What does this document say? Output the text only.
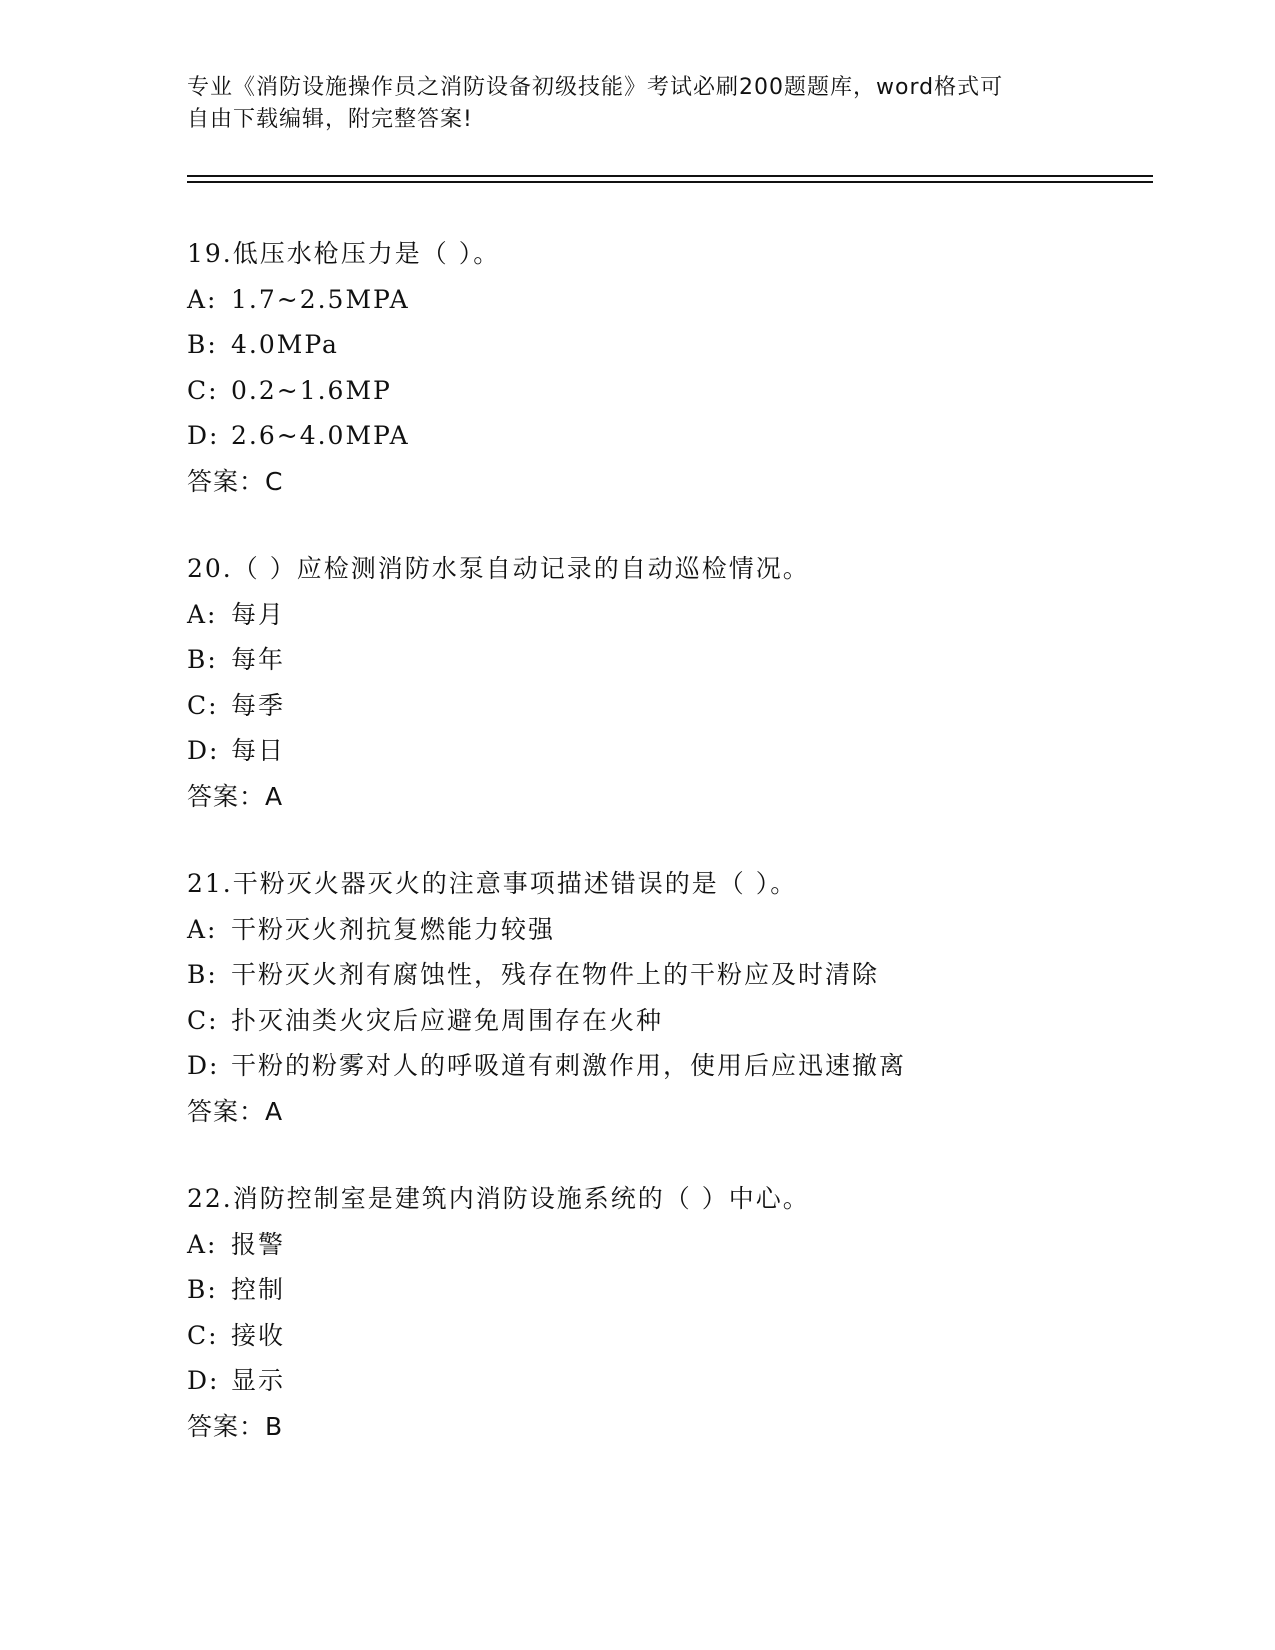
专业《消防设施操作员之消防设备初级技能》考试必刷200题题库，word格式可
自由下载编辑，附完整答案!
19.低压水枪压力是（ ）。
A: 1.7~2.5MPA
B: 4.0MPa
C: 0.2~1.6MP
D: 2.6~4.0MPA
答案：C
20.（ ）应检测消防水泵自动记录的自动巡检情况。
A: 每月
B: 每年
C: 每季
D: 每日
答案：A
21.干粉灭火器灭火的注意事项描述错误的是（ ）。
A: 干粉灭火剂抗复燃能力较强
B: 干粉灭火剂有腐蚀性，残存在物件上的干粉应及时清除
C: 扑灭油类火灾后应避免周围存在火种
D: 干粉的粉雾对人的呼吸道有刺激作用，使用后应迅速撤离
答案：A
22.消防控制室是建筑内消防设施系统的（ ）中心。
A: 报警
B: 控制
C: 接收
D: 显示
答案：B
